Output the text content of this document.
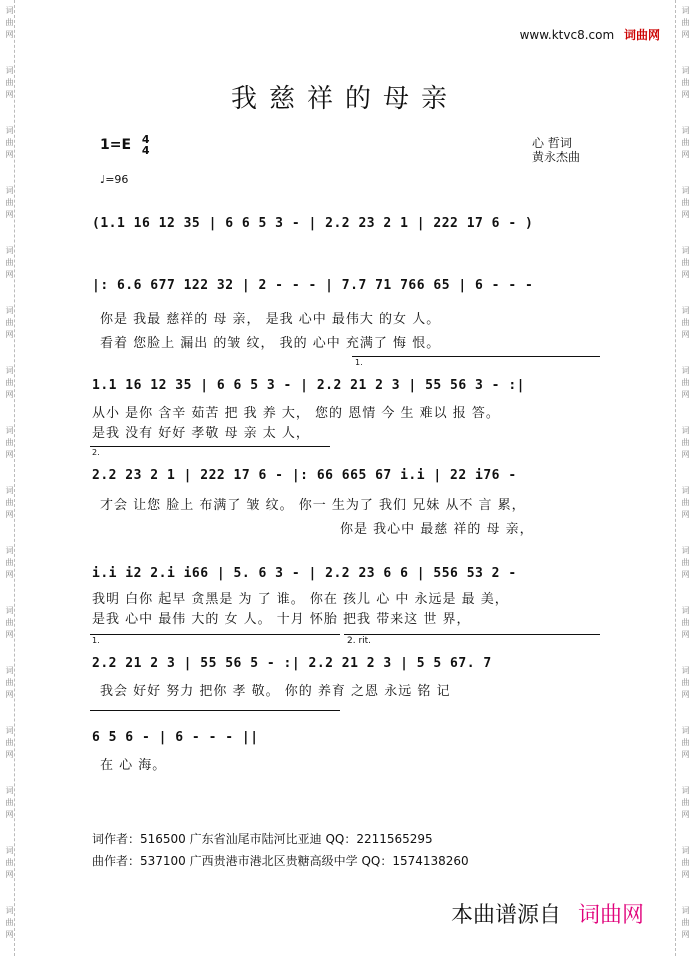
词
曲
网
词
曲
网
词
曲
网
词
曲
网
词
曲
网
词
曲
网
词
曲
网
词
曲
网
词
曲
网
词
曲
网
词
曲
网
词
曲
网
词
曲
网
词
曲
网
词
曲
网
词
曲
网
词
曲
网
词
曲
网
词
曲
网
词
曲
网
词
曲
网
词
曲
网
词
曲
网
词
曲
网
词
曲
网
词
曲
网
词
曲
网
词
曲
网
词
曲
网
词
曲
网
词
曲
网
词
曲
网
www.ktvc8.com 词曲网
我慈祥的母亲
1=E 4
4
心 哲词
黄永杰曲
♩=96
(1.1 16 12 35 | 6 6 5 3 - | 2.2 23 2 1 | 222 17 6 - )
|: 6.6 677 122 32 | 2 - - - | 7.7 71 766 65 | 6 - - -
你是 我最 慈祥的 母 亲， 是我 心中 最伟大 的女 人。
看着 您脸上 漏出 的皱 纹， 我的 心中 充满了 悔 恨。
1.
1.1 16 12 35 | 6 6 5 3 - | 2.2 21 2 3 | 55 56 3 - :|
从小 是你 含辛 茹苦 把 我 养 大， 您的 恩情 今 生 难以 报 答。
是我 没有 好好 孝敬 母 亲 太 人，
2.
2.2 23 2 1 | 222 17 6 - |: 66 665 67 i.i | 22 i76 -
才会 让您 脸上 布满了 皱 纹。 你一 生为了 我们 兄妹 从不 言 累，
你是 我心中 最慈 祥的 母 亲，
i.i i2 2.i i66 | 5. 6 3 - | 2.2 23 6 6 | 556 53 2 -
我明 白你 起早 贪黑是 为 了 谁。 你在 孩儿 心 中 永远是 最 美，
是我 心中 最伟 大的 女 人。 十月 怀胎 把我 带来这 世 界，
1.	2. rit.
2.2 21 2 3 | 55 56 5 - :| 2.2 21 2 3 | 5 5 67. 7
我会 好好 努力 把你 孝 敬。 你的 养育 之恩 永远 铭 记
6 5 6 - | 6 - - - ||
在 心 海。
词作者：516500 广东省汕尾市陆河比亚迪 QQ：2211565295
曲作者：537100 广西贵港市港北区贵糖高级中学 QQ：1574138260
本曲谱源自 词曲网
